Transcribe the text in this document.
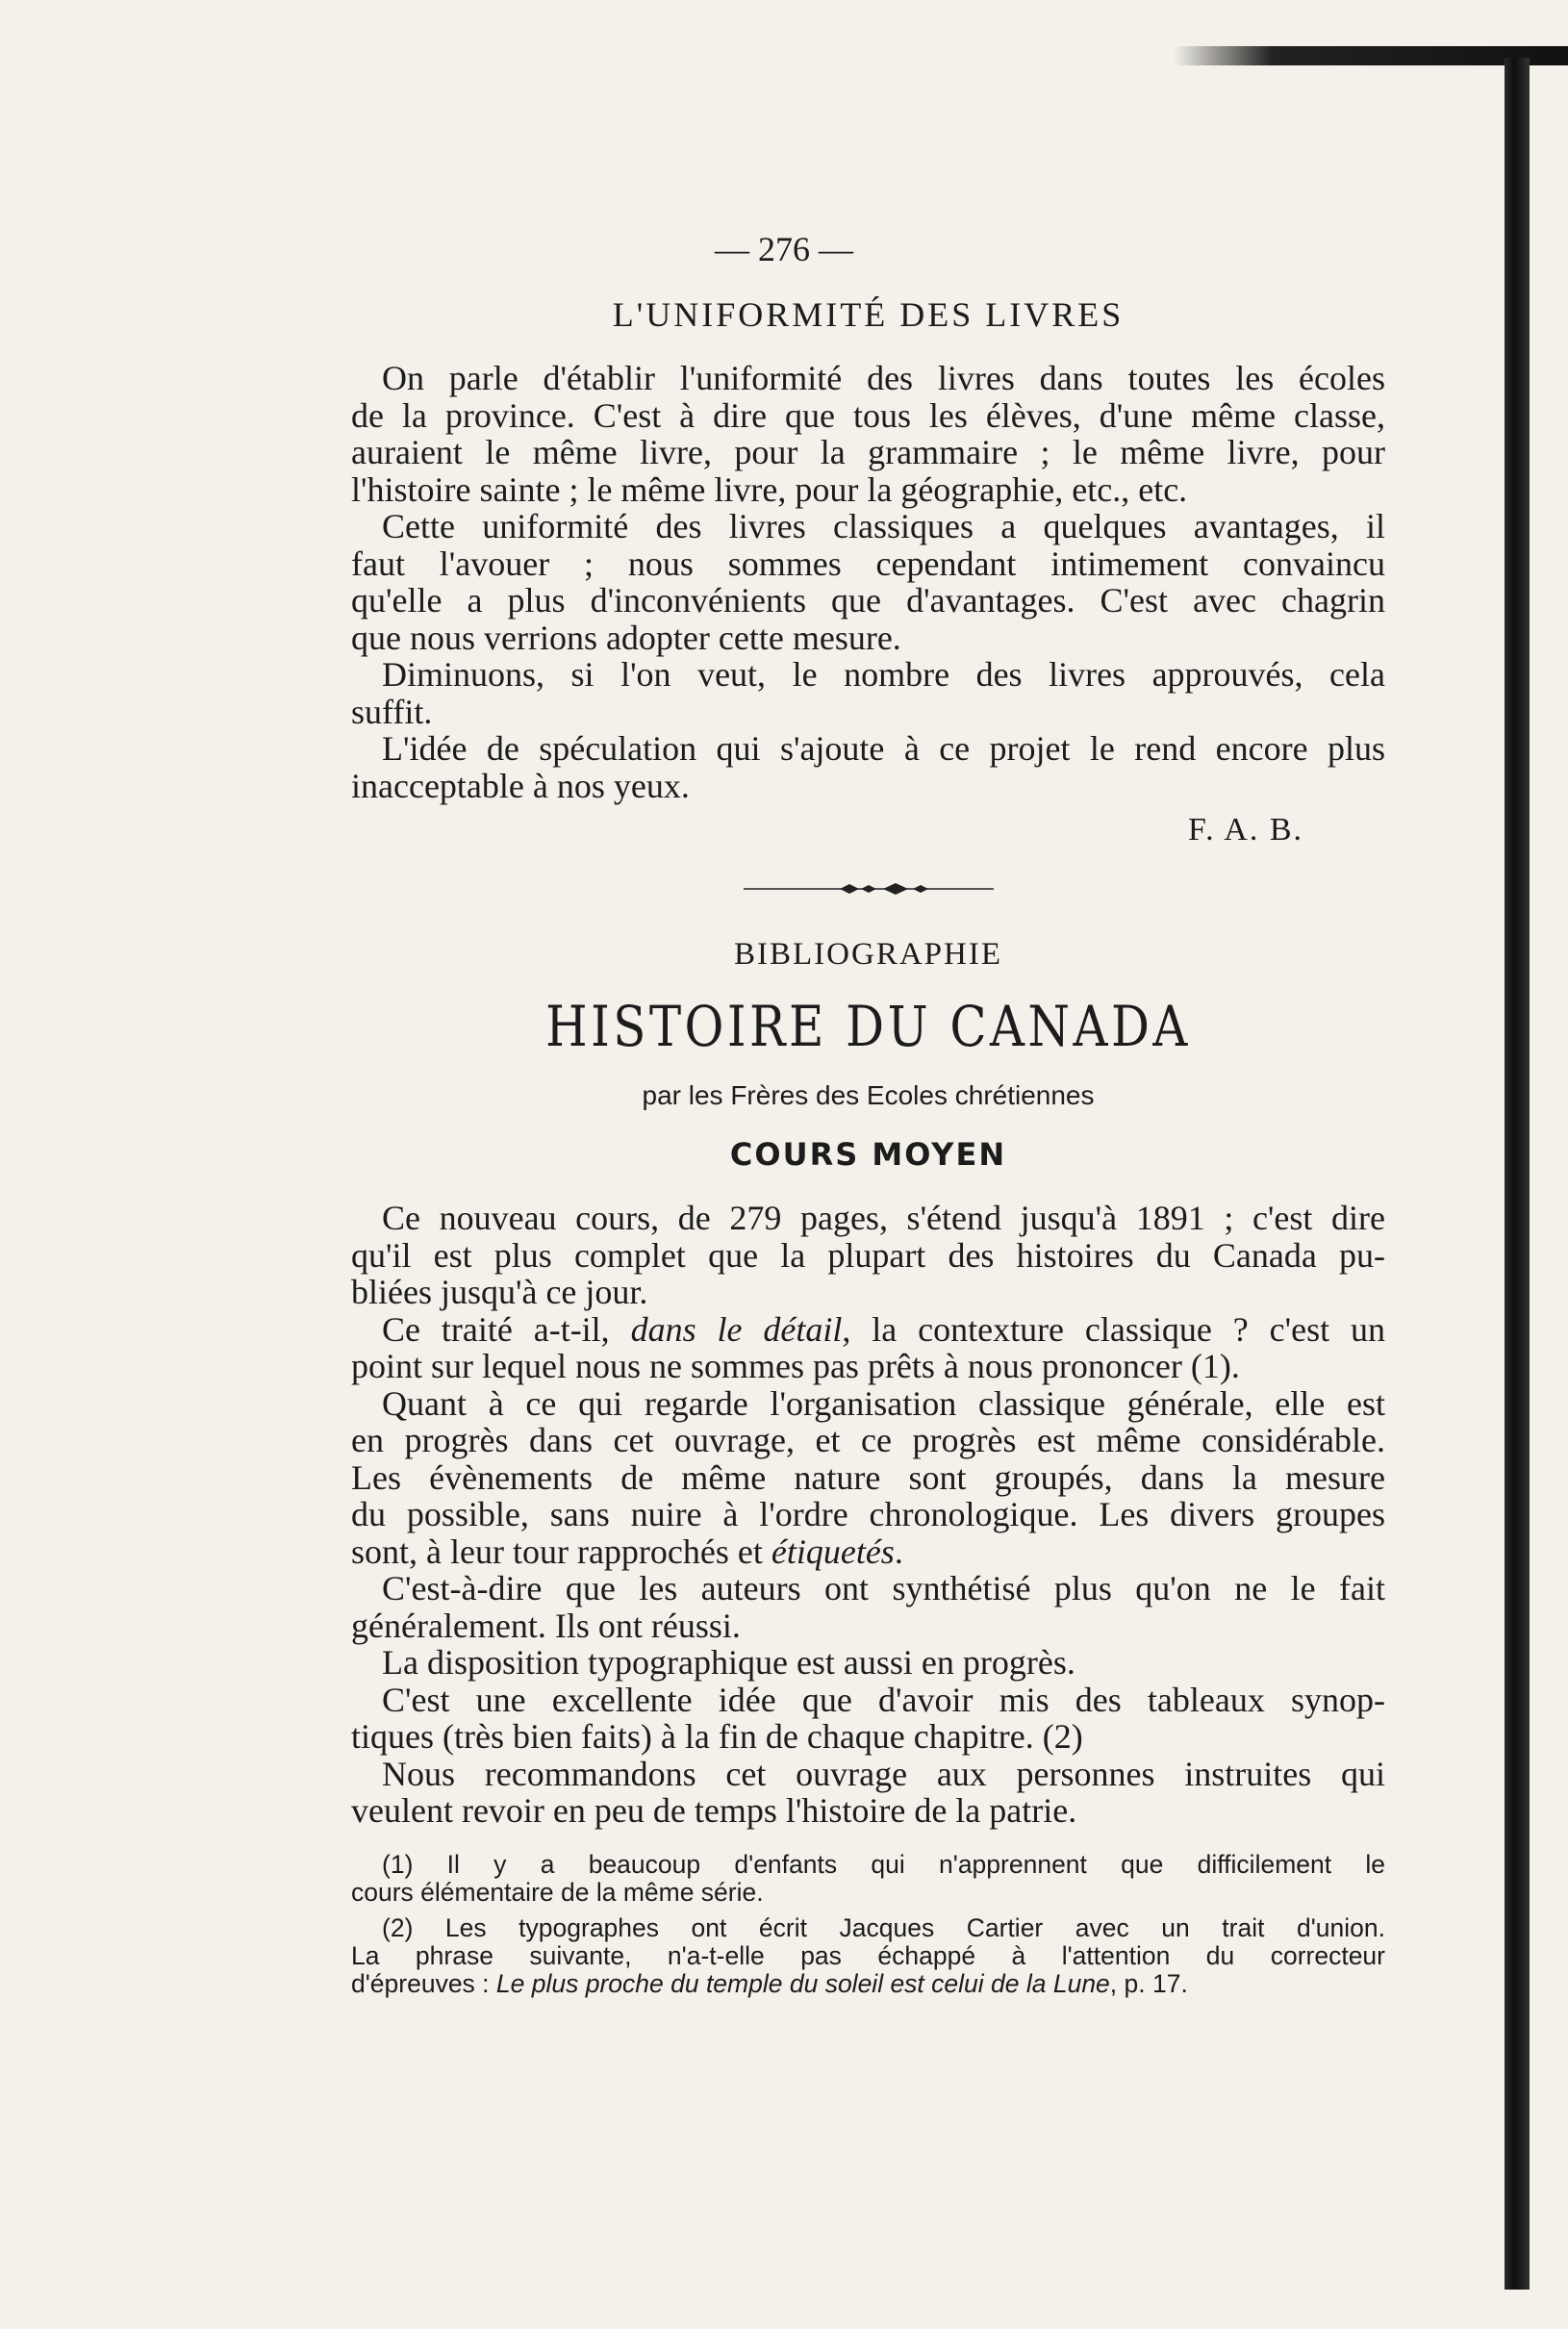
— 276 —
L'UNIFORMITÉ DES LIVRES
On parle d'établir l'uniformité des livres dans toutes les écoles
de la province. C'est à dire que tous les élèves, d'une même classe,
auraient le même livre, pour la grammaire ; le même livre, pour
l'histoire sainte ; le même livre, pour la géographie, etc., etc.
Cette uniformité des livres classiques a quelques avantages, il
faut l'avouer ; nous sommes cependant intimement convaincu
qu'elle a plus d'inconvénients que d'avantages. C'est avec chagrin
que nous verrions adopter cette mesure.
Diminuons, si l'on veut, le nombre des livres approuvés, cela
suffit.
L'idée de spéculation qui s'ajoute à ce projet le rend encore plus
inacceptable à nos yeux.
F. A. B.
BIBLIOGRAPHIE
HISTOIRE DU CANADA
par les Frères des Ecoles chrétiennes
COURS MOYEN
Ce nouveau cours, de 279 pages, s'étend jusqu'à 1891 ; c'est dire
qu'il est plus complet que la plupart des histoires du Canada pu-
bliées jusqu'à ce jour.
Ce traité a-t-il, dans le détail, la contexture classique ? c'est un
point sur lequel nous ne sommes pas prêts à nous prononcer (1).
Quant à ce qui regarde l'organisation classique générale, elle est
en progrès dans cet ouvrage, et ce progrès est même considérable.
Les évènements de même nature sont groupés, dans la mesure
du possible, sans nuire à l'ordre chronologique. Les divers groupes
sont, à leur tour rapprochés et étiquetés.
C'est-à-dire que les auteurs ont synthétisé plus qu'on ne le fait
généralement. Ils ont réussi.
La disposition typographique est aussi en progrès.
C'est une excellente idée que d'avoir mis des tableaux synop-
tiques (très bien faits) à la fin de chaque chapitre. (2)
Nous recommandons cet ouvrage aux personnes instruites qui
veulent revoir en peu de temps l'histoire de la patrie.
(1) Il y a beaucoup d'enfants qui n'apprennent que difficilement le
cours élémentaire de la même série.
(2) Les typographes ont écrit Jacques Cartier avec un trait d'union.
La phrase suivante, n'a-t-elle pas échappé à l'attention du correcteur
d'épreuves : Le plus proche du temple du soleil est celui de la Lune, p. 17.
